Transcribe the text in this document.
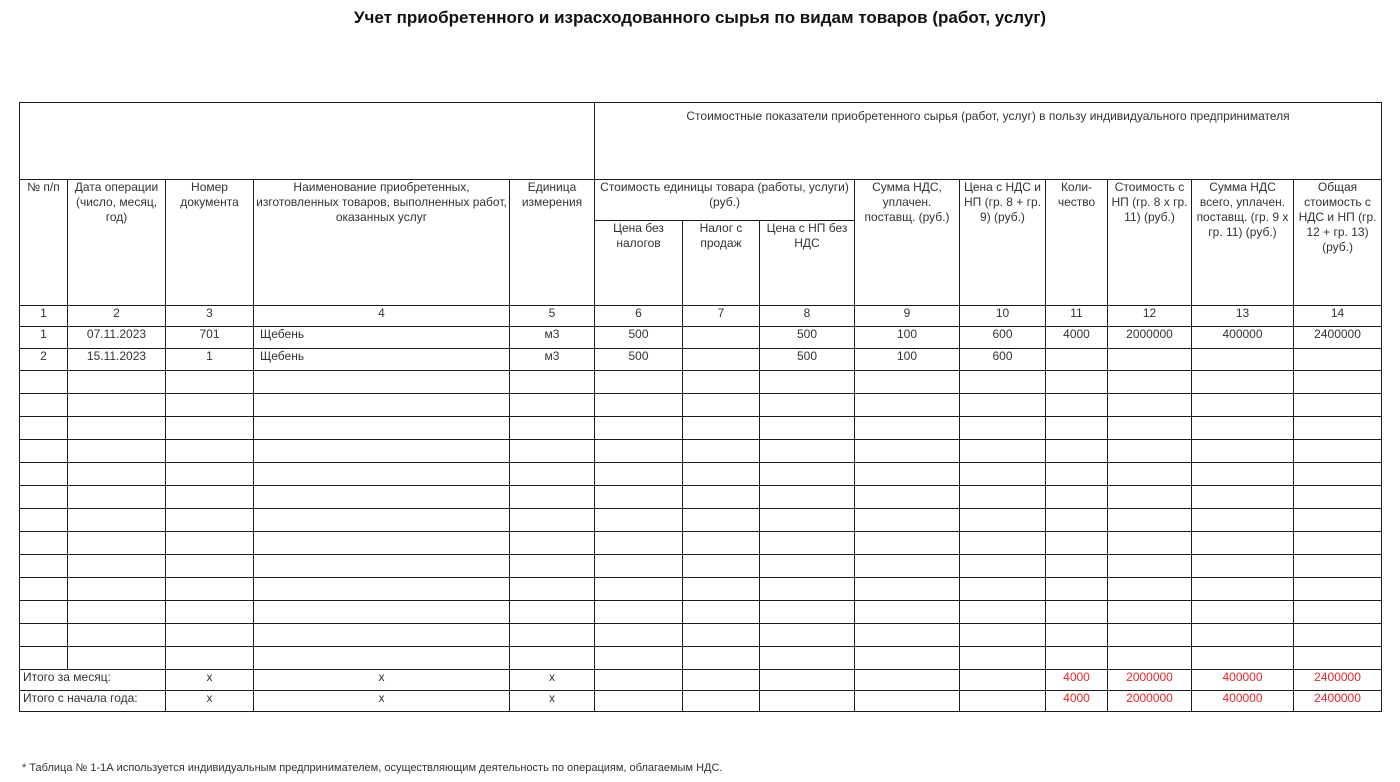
Учет приобретенного и израсходованного сырья по видам товаров (работ, услуг)
					Стоимостные показатели приобретенного сырья (работ, услуг) в пользу индивидуального предпринимателя								
№ п/п	Дата операции (число, месяц, год)	Номер документа	Наименование приобретенных, изготовленных товаров, выполненных работ, оказанных услуг	Единица измерения	Стоимость единицы товара (работы, услуги) (руб.)			Сумма НДС, уплачен. поставщ. (руб.)	Цена с НДС и НП (гр. 8 + гр. 9) (руб.)	Коли-чество	Стоимость с НП (гр. 8 x гр. 11) (руб.)	Сумма НДС всего, уплачен. поставщ. (гр. 9 x гр. 11) (руб.)	Общая стоимость с НДС и НП (гр. 12 + гр. 13) (руб.)
					Цена без налогов	Налог с продаж	Цена с НП без НДС						
1	2	3	4	5	6	7	8	9	10	11	12	13	14
1	07.11.2023	701	Щебень	м3	500		500	100	600	4000	2000000	400000	2400000
2	15.11.2023	1	Щебень	м3	500		500	100	600				

Итого за месяц:		x	x	x						4000	2000000	400000	2400000
Итого с начала года:		x	x	x						4000	2000000	400000	2400000
* Таблица № 1-1А используется индивидуальным предпринимателем, осуществляющим деятельность по операциям, облагаемым НДС.
